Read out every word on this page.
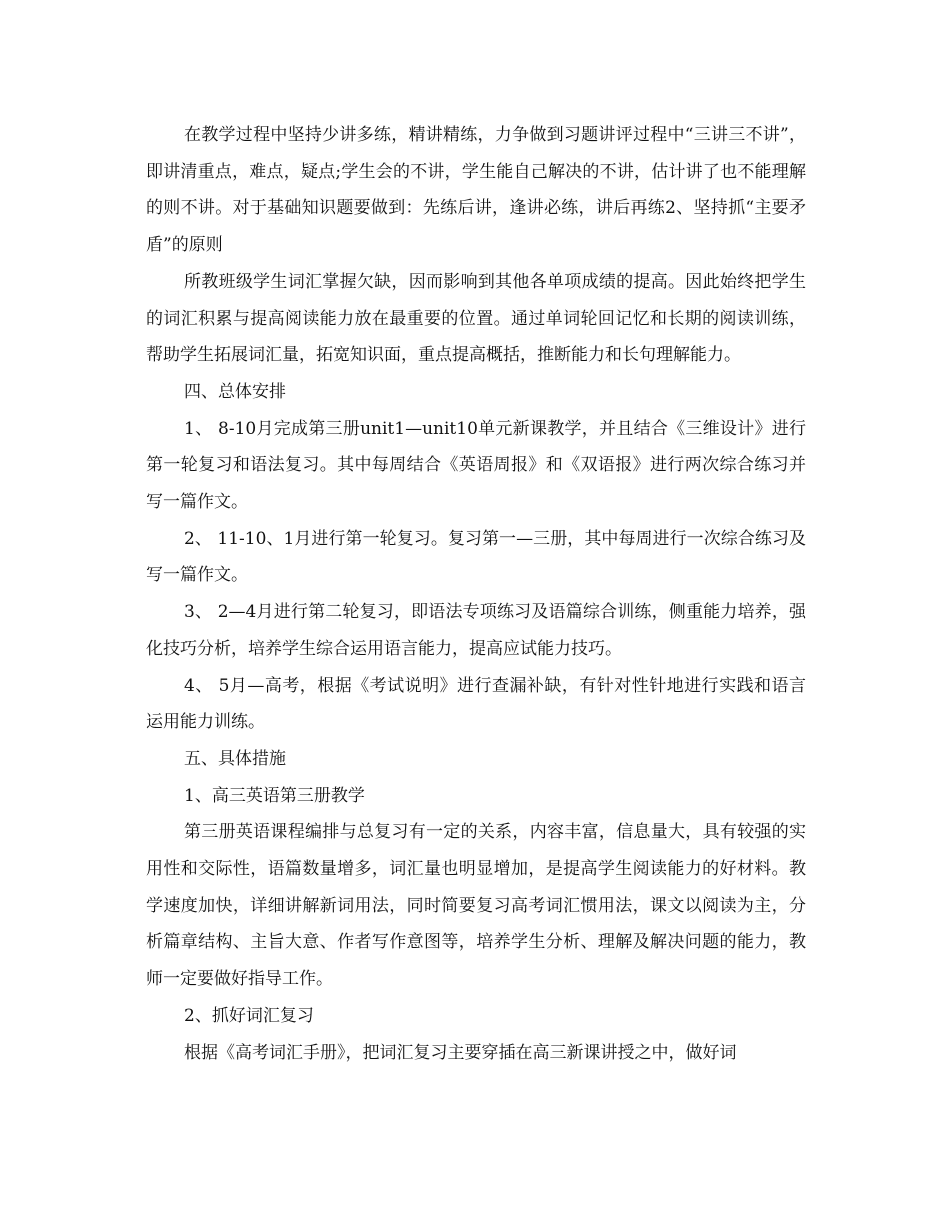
在教学过程中坚持少讲多练，精讲精练，力争做到习题讲评过程中“三讲三不讲”，即讲清重点，难点，疑点;学生会的不讲，学生能自己解决的不讲，估计讲了也不能理解的则不讲。对于基础知识题要做到：先练后讲，逢讲必练，讲后再练2、坚持抓“主要矛盾”的原则

所教班级学生词汇掌握欠缺，因而影响到其他各单项成绩的提高。因此始终把学生的词汇积累与提高阅读能力放在最重要的位置。通过单词轮回记忆和长期的阅读训练，帮助学生拓展词汇量，拓宽知识面，重点提高概括，推断能力和长句理解能力。

四、总体安排

1、 8-10月完成第三册unit1—unit10单元新课教学，并且结合《三维设计》进行第一轮复习和语法复习。其中每周结合《英语周报》和《双语报》进行两次综合练习并写一篇作文。

2、 11-10、1月进行第一轮复习。复习第一—三册，其中每周进行一次综合练习及写一篇作文。

3、 2—4月进行第二轮复习，即语法专项练习及语篇综合训练，侧重能力培养，强化技巧分析，培养学生综合运用语言能力，提高应试能力技巧。

4、 5月—高考，根据《考试说明》进行查漏补缺，有针对性针地进行实践和语言运用能力训练。

五、具体措施

1、高三英语第三册教学

第三册英语课程编排与总复习有一定的关系，内容丰富，信息量大，具有较强的实用性和交际性，语篇数量增多，词汇量也明显增加，是提高学生阅读能力的好材料。教学速度加快，详细讲解新词用法，同时简要复习高考词汇惯用法，课文以阅读为主，分析篇章结构、主旨大意、作者写作意图等，培养学生分析、理解及解决问题的能力，教师一定要做好指导工作。

2、抓好词汇复习

根据《高考词汇手册》，把词汇复习主要穿插在高三新课讲授之中，做好词
